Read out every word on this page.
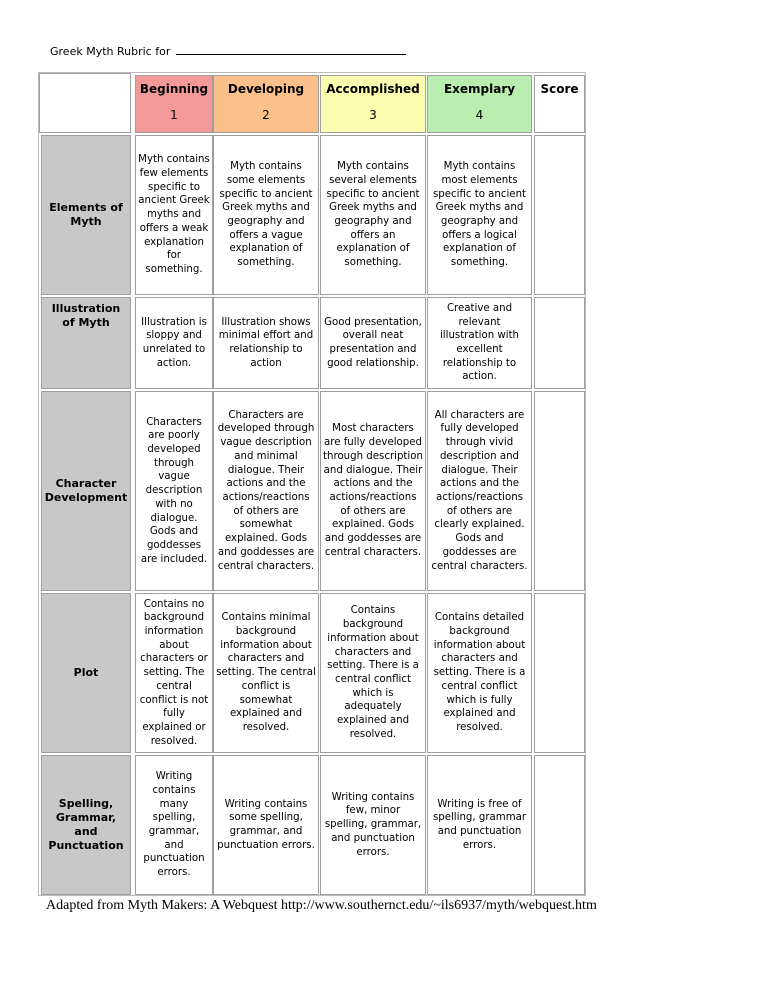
Greek Myth Rubric for
Beginning
1
Developing
2
Accomplished
3
Exemplary
4
Score
Elements of Myth
Myth contains few elements specific to ancient Greek myths and offers a weak explanation for something.
Myth contains some elements specific to ancient Greek myths and geography and offers a vague explanation of something.
Myth contains several elements specific to ancient Greek myths and geography and offers an explanation of something.
Myth contains most elements specific to ancient Greek myths and geography and offers a logical explanation of something.
Illustration of Myth	Illustration is sloppy and unrelated to action.
Illustration shows minimal effort and relationship to action
Good presentation, overall neat presentation and good relationship.
Creative and relevant illustration with excellent relationship to action.
Character Development
Characters are poorly developed through vague description with no dialogue. Gods and goddesses are included.
Characters are developed through vague description and minimal dialogue. Their actions and the actions/reactions of others are somewhat explained. Gods and goddesses are central characters.
Most characters are fully developed through description and dialogue. Their actions and the actions/reactions of others are explained. Gods and goddesses are central characters.
All characters are fully developed through vivid description and dialogue. Their actions and the actions/reactions of others are clearly explained. Gods and goddesses are central characters.
Plot
Contains no background information about characters or setting. The central conflict is not fully explained or resolved.
Contains minimal background information about characters and setting. The central conflict is somewhat explained and resolved.
Contains background information about characters and setting. There is a central conflict which is adequately explained and resolved.
Contains detailed background information about characters and setting. There is a central conflict which is fully explained and resolved.
Spelling, Grammar, and Punctuation
Writing contains many spelling, grammar, and punctuation errors.
Writing contains some spelling, grammar, and punctuation errors.
Writing contains few, minor spelling, grammar, and punctuation errors.
Writing is free of spelling, grammar and punctuation errors.
Adapted from Myth Makers: A Webquest http://www.southernct.edu/~ils6937/myth/webquest.htm
